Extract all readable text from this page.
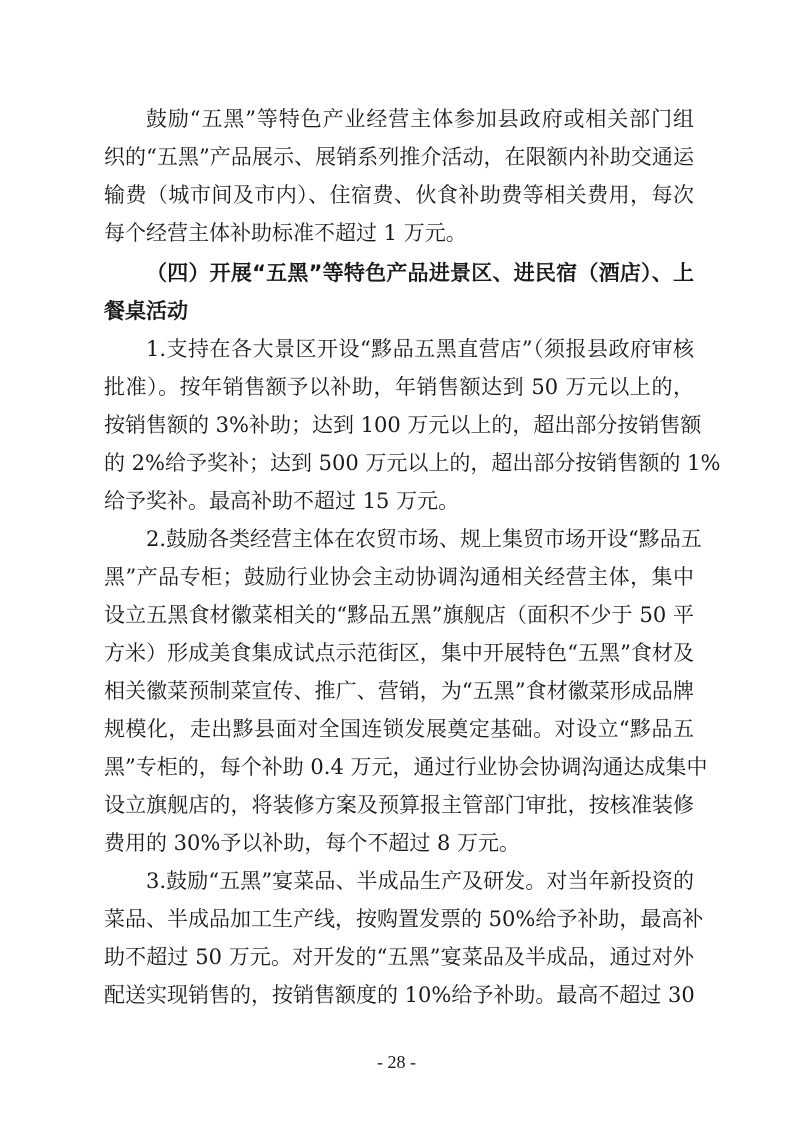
鼓励“五黑”等特色产业经营主体参加县政府或相关部门组
织的“五黑”产品展示、展销系列推介活动，在限额内补助交通运
输费（城市间及市内）、住宿费、伙食补助费等相关费用，每次
每个经营主体补助标准不超过 1 万元。
（四）开展“五黑”等特色产品进景区、进民宿（酒店）、上
餐桌活动
1.支持在各大景区开设“黟品五黑直营店”（须报县政府审核
批准）。按年销售额予以补助，年销售额达到 50 万元以上的，
按销售额的 3%补助；达到 100 万元以上的，超出部分按销售额
的 2%给予奖补；达到 500 万元以上的，超出部分按销售额的 1%
给予奖补。最高补助不超过 15 万元。
2.鼓励各类经营主体在农贸市场、规上集贸市场开设“黟品五
黑”产品专柜；鼓励行业协会主动协调沟通相关经营主体，集中
设立五黑食材徽菜相关的“黟品五黑”旗舰店（面积不少于 50 平
方米）形成美食集成试点示范街区，集中开展特色“五黑”食材及
相关徽菜预制菜宣传、推广、营销，为“五黑”食材徽菜形成品牌
规模化，走出黟县面对全国连锁发展奠定基础。对设立“黟品五
黑”专柜的，每个补助 0.4 万元，通过行业协会协调沟通达成集中
设立旗舰店的，将装修方案及预算报主管部门审批，按核准装修
费用的 30%予以补助，每个不超过 8 万元。
3.鼓励“五黑”宴菜品、半成品生产及研发。对当年新投资的
菜品、半成品加工生产线，按购置发票的 50%给予补助，最高补
助不超过 50 万元。对开发的“五黑”宴菜品及半成品，通过对外
配送实现销售的，按销售额度的 10%给予补助。最高不超过 30
- 28 -
